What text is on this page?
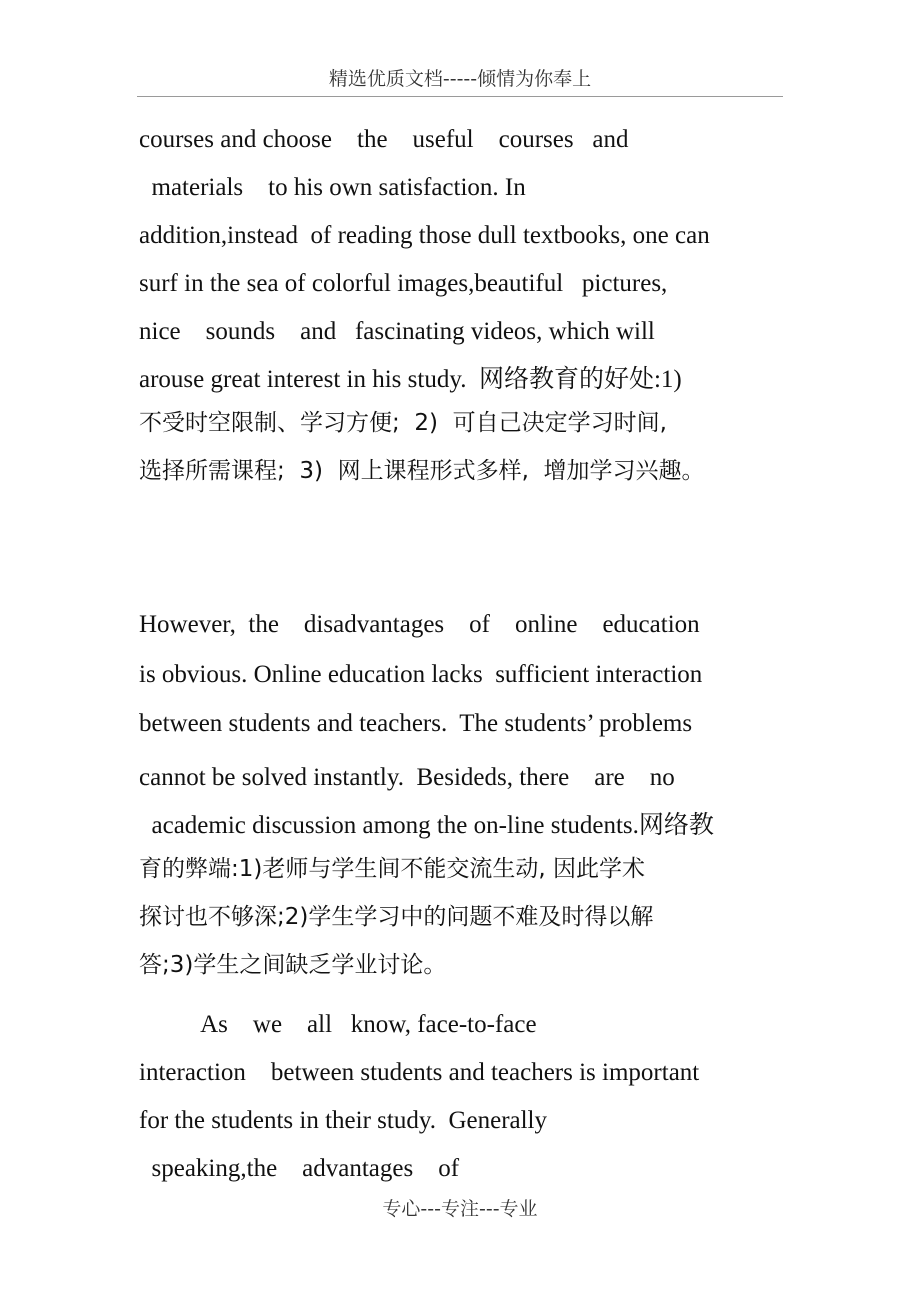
精选优质文档-----倾情为你奉上
courses and choose    the    useful    courses   and
materials    to his own satisfaction. In
addition,instead  of reading those dull textbooks, one can
surf in the sea of colorful images,beautiful   pictures,
nice    sounds    and   fascinating videos, which will
arouse great interest in his study.  网络教育的好处:1)
不受时空限制、学习方便;  2)  可自己决定学习时间,
选择所需课程;  3)  网上课程形式多样,  增加学习兴趣。
However,  the    disadvantages    of    online    education
is obvious. Online education lacks  sufficient interaction
between students and teachers.  The students’ problems
cannot be solved instantly.  Besideds, there    are    no
academic discussion among the on-line students.网络教
育的弊端:1)老师与学生间不能交流生动, 因此学术
探讨也不够深;2)学生学习中的问题不难及时得以解
答;3)学生之间缺乏学业讨论。
As    we    all   know, face-to-face
interaction    between students and teachers is important
for the students in their study.  Generally
speaking,the    advantages    of
专心---专注---专业
